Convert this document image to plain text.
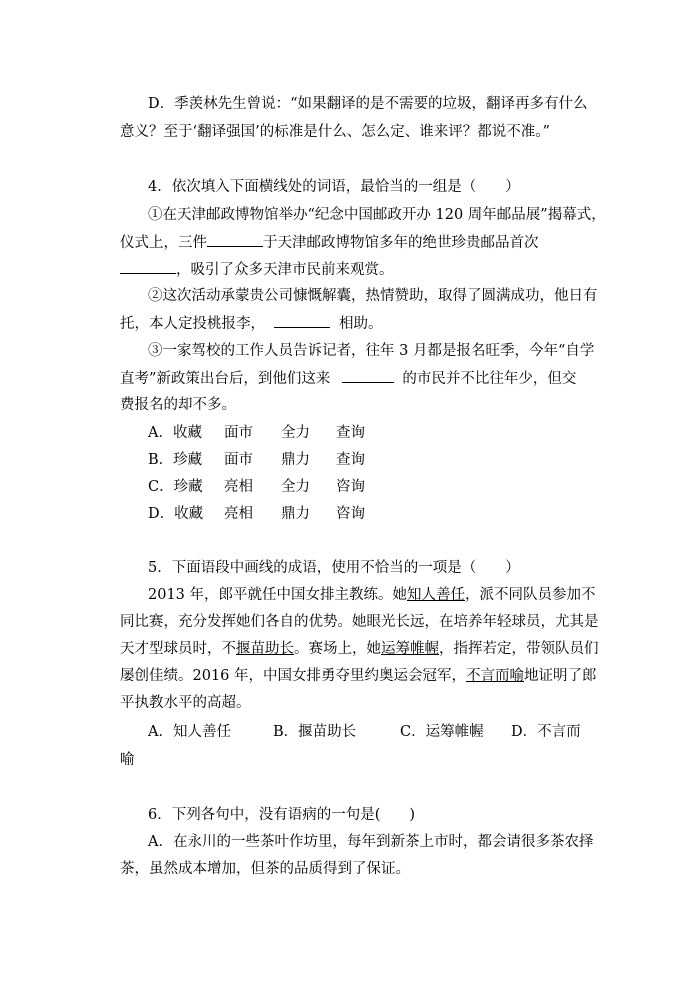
D．季羡林先生曾说：“如果翻译的是不需要的垃圾，翻译再多有什么
意义？至于‘翻译强国’的标准是什么、怎么定、谁来评？都说不准。”
4．依次填入下面横线处的词语，最恰当的一组是（　　）
①在天津邮政博物馆举办“纪念中国邮政开办 120 周年邮品展”揭幕式，
仪式上，三件	于天津邮政博物馆多年的绝世珍贵邮品首次
，吸引了众多天津市民前来观赏。
②这次活动承蒙贵公司慷慨解囊，热情赞助，取得了圆满成功，他日有
托，本人定投桃报李，	相助。
③一家驾校的工作人员告诉记者，往年 3 月都是报名旺季，今年“自学
直考”新政策出台后，到他们这来	的市民并不比往年少，但交
费报名的却不多。
A．收藏 面市 全力 查询
B．珍藏 面市 鼎力 查询
C．珍藏 亮相 全力 咨询
D．收藏 亮相 鼎力 咨询
5．下面语段中画线的成语，使用不恰当的一项是（　　）
2013 年，郎平就任中国女排主教练。她知人善任，派不同队员参加不
同比赛，充分发挥她们各自的优势。她眼光长远，在培养年轻球员，尤其是
天才型球员时，不揠苗助长。赛场上，她运筹帷幄，指挥若定，带领队员们
屡创佳绩。2016 年，中国女排勇夺里约奥运会冠军，不言而喻地证明了郎
平执教水平的高超。
A．知人善任	B．揠苗助长	C．运筹帷幄 D．不言而
喻
6．下列各句中，没有语病的一句是(　　)
A．在永川的一些茶叶作坊里，每年到新茶上市时，都会请很多茶农择
茶，虽然成本增加，但茶的品质得到了保证。
